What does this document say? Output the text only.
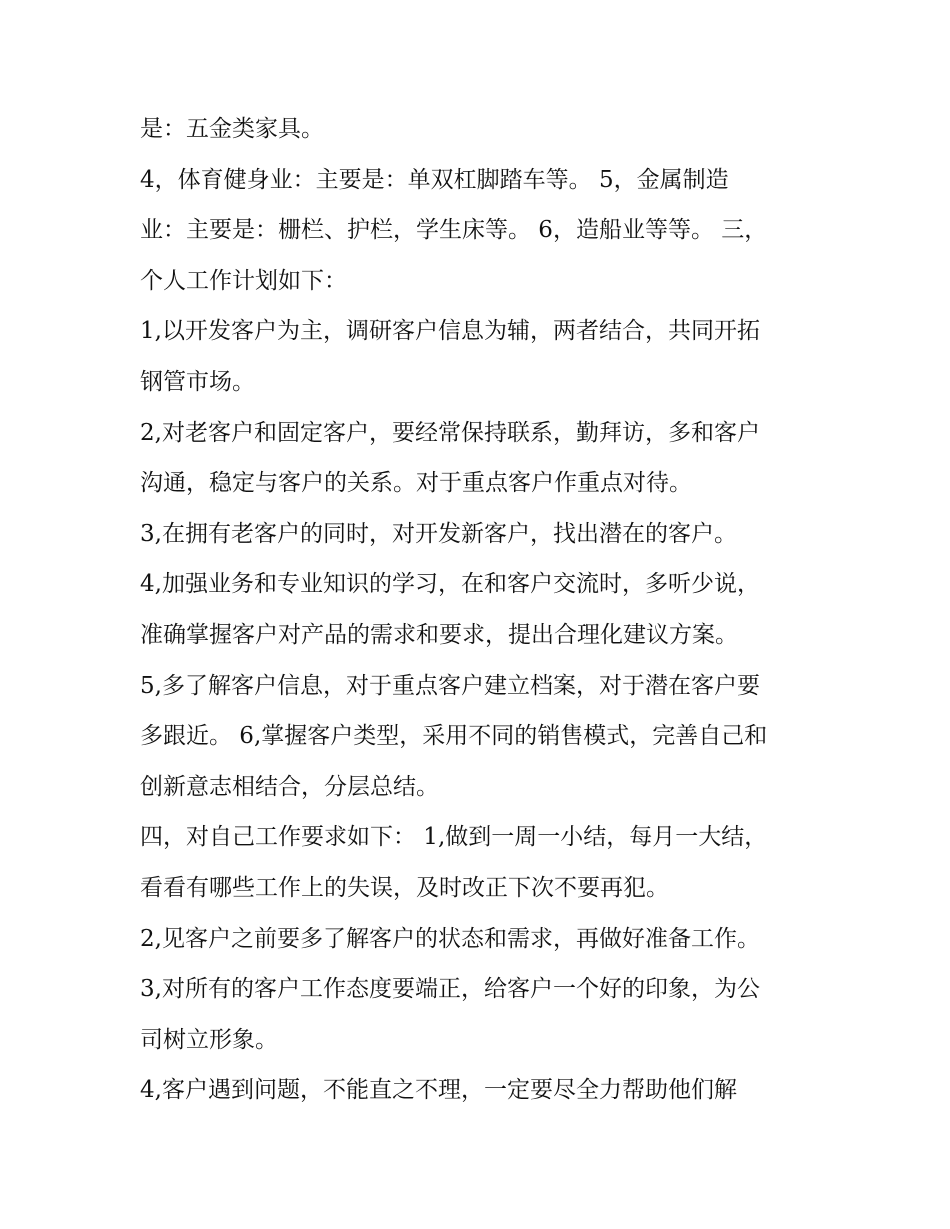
是：五金类家具。

4，体育健身业：主要是：单双杠脚踏车等。 5，金属制造

业：主要是：栅栏、护栏，学生床等。 6，造船业等等。 三，

个人工作计划如下：

1,以开发客户为主，调研客户信息为辅，两者结合，共同开拓

钢管市场。

2,对老客户和固定客户，要经常保持联系，勤拜访，多和客户

沟通，稳定与客户的关系。对于重点客户作重点对待。

3,在拥有老客户的同时，对开发新客户，找出潜在的客户。

4,加强业务和专业知识的学习，在和客户交流时，多听少说，

准确掌握客户对产品的需求和要求，提出合理化建议方案。

5,多了解客户信息，对于重点客户建立档案，对于潜在客户要

多跟近。 6,掌握客户类型，采用不同的销售模式，完善自己和

创新意志相结合，分层总结。

四，对自己工作要求如下： 1,做到一周一小结，每月一大结，

看看有哪些工作上的失误，及时改正下次不要再犯。

2,见客户之前要多了解客户的状态和需求，再做好准备工作。

3,对所有的客户工作态度要端正，给客户一个好的印象，为公

司树立形象。

4,客户遇到问题，不能直之不理，一定要尽全力帮助他们解
